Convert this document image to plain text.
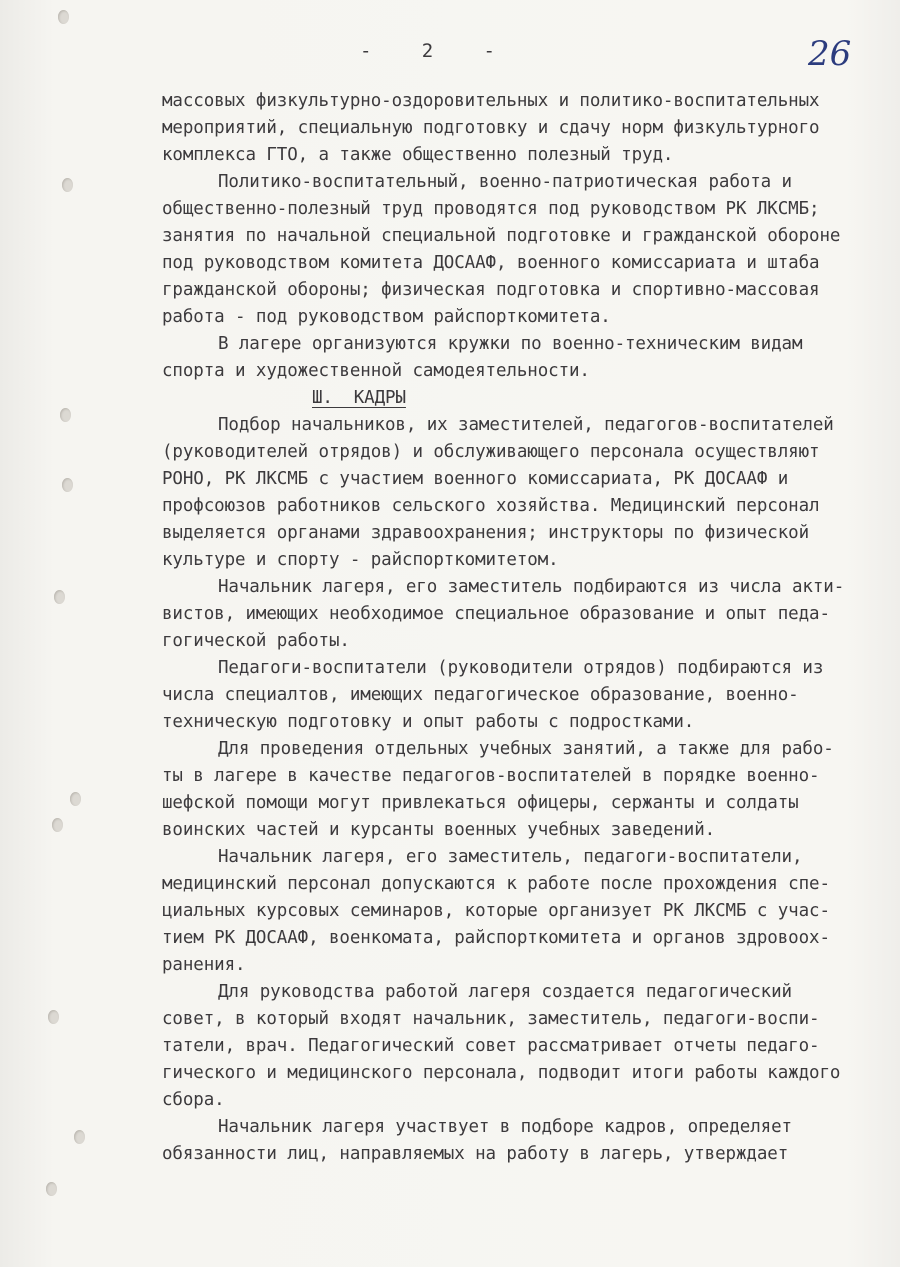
-   2   -	26
массовых физкультурно-оздоровительных и политико-воспитательных
мероприятий, специальную подготовку и сдачу норм физкультурного
комплекса ГТО, а также общественно полезный труд.
Политико-воспитательный, военно-патриотическая работа и
общественно-полезный труд проводятся под руководством РК ЛКСМБ;
занятия по начальной специальной подготовке и гражданской обороне
под руководством комитета ДОСААФ, военного комиссариата и штаба
гражданской обороны; физическая подготовка и спортивно-массовая
работа - под руководством райспорткомитета.
В лагере организуются кружки по военно-техническим видам
спорта и художественной самодеятельности.
Ш.  КАДРЫ
Подбор начальников, их заместителей, педагогов-воспитателей
(руководителей отрядов) и обслуживающего персонала осуществляют
РОНО, РК ЛКСМБ с участием военного комиссариата, РК ДОСААФ и
профсоюзов работников сельского хозяйства. Медицинский персонал
выделяется органами здравоохранения; инструкторы по физической
культуре и спорту - райспорткомитетом.
Начальник лагеря, его заместитель подбираются из числа акти-
вистов, имеющих необходимое специальное образование и опыт педа-
гогической работы.
Педагоги-воспитатели (руководители отрядов) подбираются из
числа специалтов, имеющих педагогическое образование, военно-
техническую подготовку и опыт работы с подростками.
Для проведения отдельных учебных занятий, а также для рабо-
ты в лагере в качестве педагогов-воспитателей в порядке военно-
шефской помощи могут привлекаться офицеры, сержанты и солдаты
воинских частей и курсанты военных учебных заведений.
Начальник лагеря, его заместитель, педагоги-воспитатели,
медицинский персонал допускаются к работе после прохождения спе-
циальных курсовых семинаров, которые организует РК ЛКСМБ с учас-
тием РК ДОСААФ, военкомата, райспорткомитета и органов здровоох-
ранения.
Для руководства работой лагеря создается педагогический
совет, в который входят начальник, заместитель, педагоги-воспи-
татели, врач. Педагогический совет рассматривает отчеты педаго-
гического и медицинского персонала, подводит итоги работы каждого
сбора.
Начальник лагеря участвует в подборе кадров, определяет
обязанности лиц, направляемых на работу в лагерь, утверждает
